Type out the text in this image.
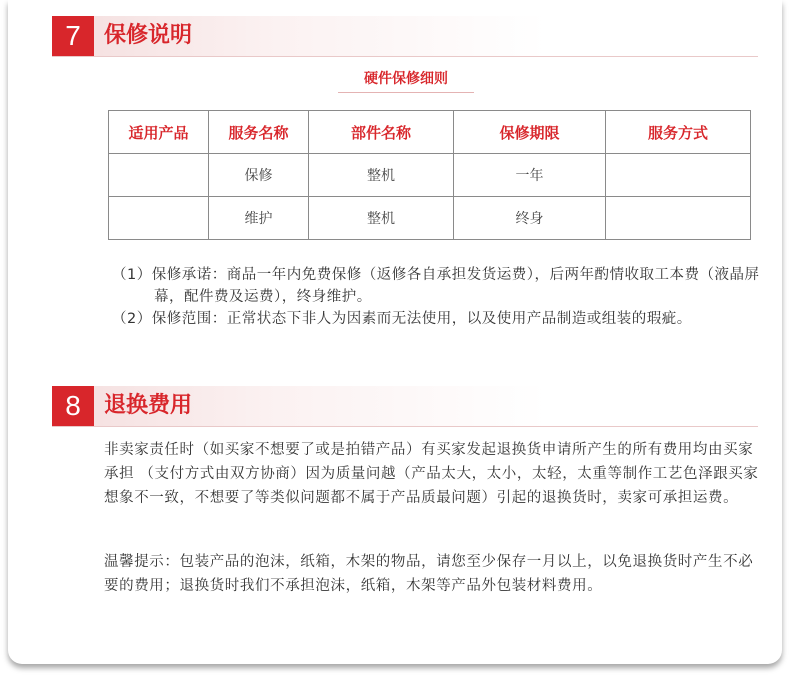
7	保修说明
硬件保修细则
适用产品	服务名称	部件名称	保修期限	服务方式
	保修	整机	一年	
	维护	整机	终身	

（1）保修承诺：商品一年内免费保修（返修各自承担发货运费），后两年酌情收取工本费（液晶屏幕，配件费及运费），终身维护。

（2）保修范围：正常状态下非人为因素而无法使用，以及使用产品制造或组装的瑕疵。

8	退换费用

非卖家责任时（如买家不想要了或是拍错产品）有买家发起退换货申请所产生的所有费用均由买家承担 （支付方式由双方协商）因为质量问越（产品太大，太小，太轻，太重等制作工艺色泽跟买家想象不一致，不想要了等类似问题都不属于产品质最问题）引起的退换货时，卖家可承担运费。

温馨提示：包装产品的泡沫，纸箱，木架的物品，请您至少保存一月以上，以免退换货时产生不必要的费用；退换货时我们不承担泡沫，纸箱，木架等产品外包装材料费用。
